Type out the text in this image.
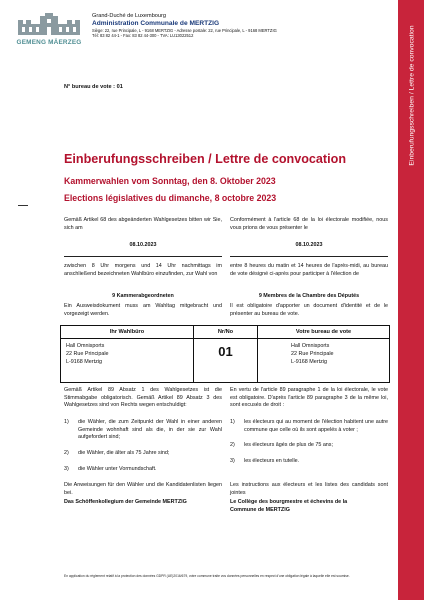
GEMENG MÄERZEG
Grand-Duché de Luxembourg
Administration Communale de MERTZIG
Siège: 22, rue Principale, L - 9168 MERTZIG - Adresse postale: 22, rue Principale, L - 9168 MERTZIG
Tél: 83 82 44-1 - Fax: 83 82 44-300 - TVA: LU13022512	Einberufungsschreiben / Lettre de convocation
N° bureau de vote : 01
Einberufungsschreiben / Lettre de convocation
Kammerwahlen vom Sonntag, den 8. Oktober 2023
Elections législatives du dimanche, 8 octobre 2023
Gemäß Artikel 68 des abgeänderten Wahlgesetzes bitten wir Sie, sich am
08.10.2023
zwischen 8 Uhr morgens und 14 Uhr nachmittags im anschließend bezeichneten Wahlbüro einzufinden, zur Wahl von
9 Kammerabgeordneten
Ein Ausweisdokument muss am Wahltag mitgebracht und vorgezeigt werden.
Conformément à l'article 68 de la loi électorale modifiée, nous vous prions de vous présenter le
08.10.2023
entre 8 heures du matin et 14 heures de l'après-midi, au bureau de vote désigné ci-après pour participer à l'élection de
9 Membres de la Chambre des Députés
Il est obligatoire d'apporter un document d'identité et de le présenter au bureau de vote.
Ihr Wahlbüro	Nr/No	Votre bureau de vote
Hall Omnisports
22 Rue Principale
L-9168 Mertzig
01	Hall Omnisports
22 Rue Principale
L-9168 Mertzig
Gemäß Artikel 89 Absatz 1 des Wahlgesetzes ist die Stimmabgabe obligatorisch. Gemäß Artikel 89 Absatz 3 des Wahlgesetzes sind von Rechts wegen entschuldigt:
1) die Wähler, die zum Zeitpunkt der Wahl in einer anderen Gemeinde wohnhaft sind als die, in der sie zur Wahl aufgefordert sind;
2) die Wähler, die älter als 75 Jahre sind;
3) die Wähler unter Vormundschaft.
Die Anweisungen für den Wähler und die Kandidatenlisten liegen bei.
Das Schöffenkollegium der Gemeinde MERTZIG
En vertu de l'article 89 paragraphe 1 de la loi électorale, le vote est obligatoire. D'après l'article 89 paragraphe 3 de la même loi, sont excusés de droit :
1) les électeurs qui au moment de l'élection habitent une autre commune que celle où ils sont appelés à voter ;
2) les électeurs âgés de plus de 75 ans;
3) les électeurs en tutelle.
Les instructions aux électeurs et les listes des candidats sont jointes
Le Collège des bourgmestre et échevins de la
Commune de MERTZIG
En application du règlement relatif à la protection des données GDPR (UE)2016/679, votre commune traite vos données personnelles en respect d'une obligation légale à laquelle elle est soumise.
